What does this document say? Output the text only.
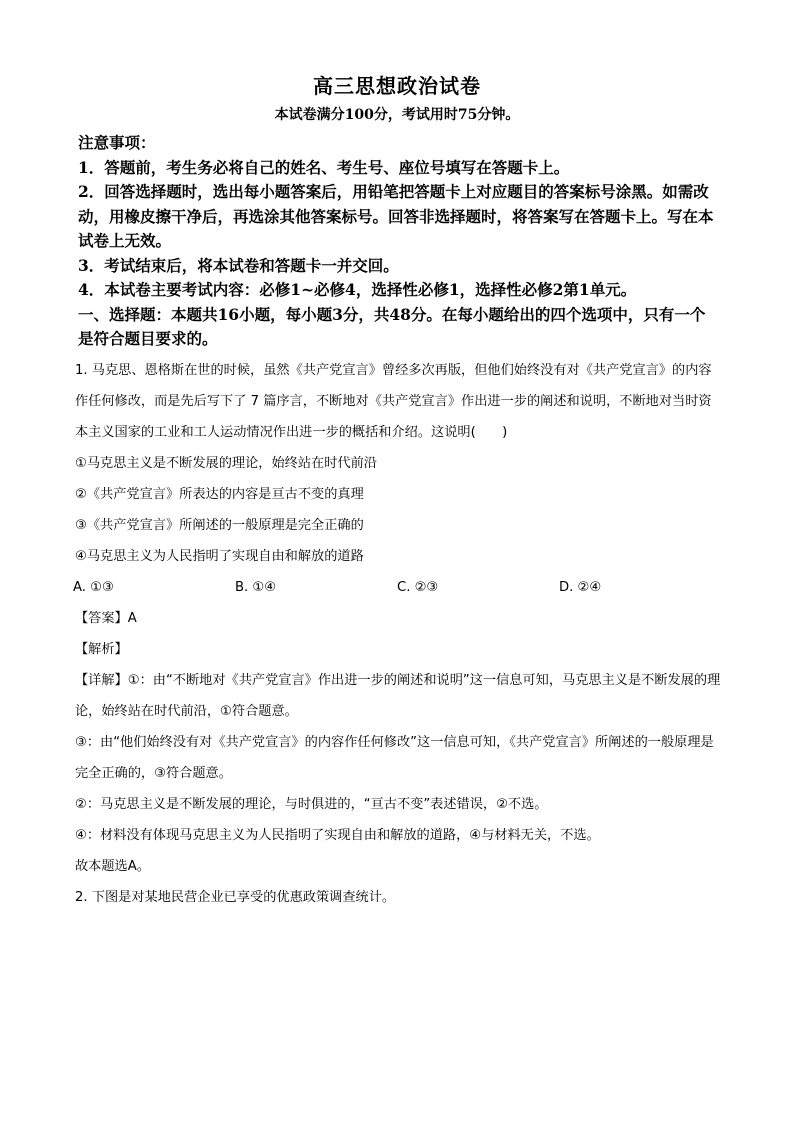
高三思想政治试卷
本试卷满分100分，考试用时75分钟。

注意事项：

1．答题前，考生务必将自己的姓名、考生号、座位号填写在答题卡上。

2．回答选择题时，选出每小题答案后，用铅笔把答题卡上对应题目的答案标号涂黑。如需改动，用橡皮擦干净后，再选涂其他答案标号。回答非选择题时，将答案写在答题卡上。写在本试卷上无效。

3．考试结束后，将本试卷和答题卡一并交回。

4．本试卷主要考试内容：必修1~必修4，选择性必修1，选择性必修2第1单元。

一、选择题：本题共16小题，每小题3分，共48分。在每小题给出的四个选项中，只有一个是符合题目要求的。

1. 马克思、恩格斯在世的时候，虽然《共产党宣言》曾经多次再版，但他们始终没有对《共产党宣言》的内容作任何修改，而是先后写下了 7 篇序言，不断地对《共产党宣言》作出进一步的阐述和说明，不断地对当时资本主义国家的工业和工人运动情况作出进一步的概括和介绍。这说明(　　)

①马克思主义是不断发展的理论，始终站在时代前沿

②《共产党宣言》所表达的内容是亘古不变的真理

③《共产党宣言》所阐述的一般原理是完全正确的

④马克思主义为人民指明了实现自由和解放的道路

A. ①③	B. ①④	C. ②③	D. ②④

【答案】A

【解析】

【详解】①：由“不断地对《共产党宣言》作出进一步的阐述和说明”这一信息可知，马克思主义是不断发展的理论，始终站在时代前沿，①符合题意。

③：由“他们始终没有对《共产党宣言》的内容作任何修改”这一信息可知，《共产党宣言》所阐述的一般原理是完全正确的，③符合题意。

②：马克思主义是不断发展的理论，与时俱进的，“亘古不变”表述错误，②不选。

④：材料没有体现马克思主义为人民指明了实现自由和解放的道路，④与材料无关，不选。

故本题选A。

2. 下图是对某地民营企业已享受的优惠政策调查统计。
